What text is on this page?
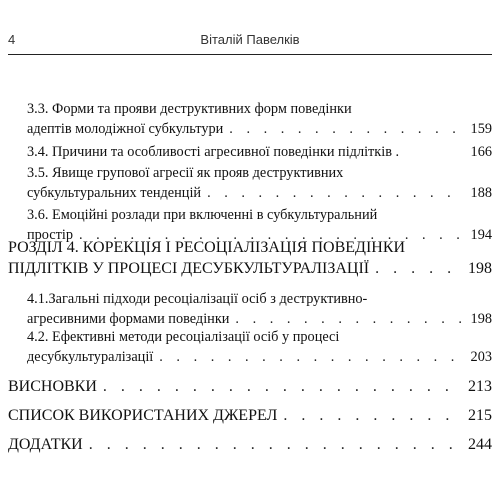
4	Віталій Павелків
3.3. Форми та прояви деструктивних форм поведінки
адептів молодіжної субкультури . . .	159
3.4. Причини та особливості агресивної поведінки підлітків .	166
3.5. Явище групової агресії як прояв деструктивних
субкультуральних тенденцій . . .	188
3.6. Емоційні розлади при включенні в субкультуральний
простір . . .	194
РОЗДІЛ 4. КОРЕКЦІЯ І РЕСОЦІАЛІЗАЦІЯ ПОВЕДІНКИ
ПІДЛІТКІВ У ПРОЦЕСІ ДЕСУБКУЛЬТУРАЛІЗАЦІЇ . . .	198
4.1.Загальні підходи ресоціалізації осіб з деструктивно-
агресивними формами поведінки . . .	198
4.2. Ефективні методи ресоціалізації осіб у процесі
десубкультуралізації . . .	203
ВИСНОВКИ . . .	213
СПИСОК ВИКОРИСТАНИХ ДЖЕРЕЛ . . .	215
ДОДАТКИ . . .	244
